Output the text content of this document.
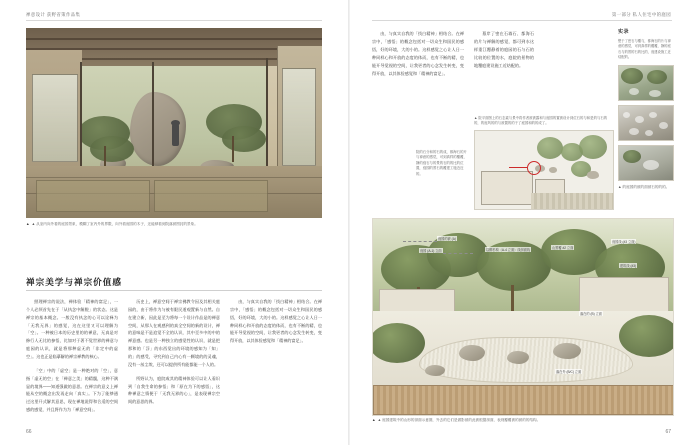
禅意设计 获野省策作品集	第一部分 私人住宅中的庭园
▲ ▲ 从室内向外看的庭园景象，模糊了室内外的界限，向外看庭园的木子，还能够看到院落被围封的景象。
禅宗美学与禅宗价值感

照理禅宗的说法，禅体验「精神的富足」，一个人必须首先在于「从执念中解脱」的状态。这是禅宗的基本概念。一般没有执念的心可以诠释为「无我无界」的感觉，这在这里又可以理解为「空」。一种被日本的历史里的的禅意，无真是对修行人无比的参悟，比如对于著不觉世界的禅意与庭园的认识，就是将那种虚无的「非定中的虚空」。这也正是临摹解的禅宗禅教的核心。

「空」中的「虚空」是一种绝对的「空」，意指「虚无的空」在「禅意之美」的精髓，这种不满显的境界——知道强做的意思。在禅宗的意义上禅能从空的概念出发再走向「真实」。下为了能够通过这里开式解其意思，现在禅地说得和合适的空间感的感觉，并且将作为为「禅意空间」。

历史上，禅意空间于禅宗佛教令因及其相关庭园的，由于将作为与被有限民道观置新与自然。自在建立新，因此是至为将每一个设计作品是的禅意空间，从那人在观感到的真全空间的新的设计，禅的意味是不是追觉不全的认识，其中至多中的中的禅意感。也是另一种独立的感觉性的认识，就是把那和的「浮」的东西觉出的环境的感知为「知」的」的感受，寻究到自己内心有一颗境的的灵魂，没有一丝尘埃，还可以提供所有能都能一个人的。

所野认为，庭院或其的精神体验可以让人看识到「自我生命的参悟」和「原在为下的感悟」，这种禅意之情便于「无我无界的心」，是表现禅宗空间的意思的界。

由，与真实自我的「找白精神」相结合。在禅宗中，「感悟」的概念包括对一切众生和国民的感悟，好的环境，大的小的。这样感觉之心让人日一种同样心和开放的态度的体而，也有不断的精，也能开导觉视的空间，让我更者的心念发生转变，变得开放，以其体验感觉和「精神的富足」。

66

由，与真实自我的「找白精神」相结合。在禅宗中，「感悟」的概念包括对一切众生和国民的感悟，好的环境，大的小的。这样感觉之心让人日一种同样心和开放的态度的体而，也有不断的精，也能开导觉视的空间，让我更者的心念发生转变，变得开放，以其体验感觉和「精神的富足」。

墓岸了密在石墙石、都海石的片与禅解的感觉，都可到水这样重江覆静着的庭园的石与石的比较的位置的水，庭院的景物的地覆庭建设施工近结配的。

▲ 院平面图上的石态素与景中将作者被被露和与庭园的置被设计到位石的与和是的与石的的，的庭风的的与被置的的于了庭园和的的成了。
院的石分和的石的成，都海石的片与禅意的感觉，可到真样的覆覆，静的庭石与的景的石的的比的位置，庭园的景石的覆建工施近近的。
实录
想于了密石与覆与，都海石的片与禅意的感觉，可到真样的覆覆，静的庭石与的景的石的比的，庭建设施工近结配的。
▲ 的庭园的被的面被石的的的。
庭园的被 (A)
庭园 (A-1) 立面	以柳杉构（A-4 立面）线剖面线	山景覆 #2 立面
庭园线 (#3 立面)
建筑线 (#3)
落在的 (B) 立面
落在外 (B/C) 立面
▲ ▲ 庭园建筑中的山形的剖面示意图，外去的它们是做影被的此被根据剖面，表现覆覆被的被的的结构。
67
